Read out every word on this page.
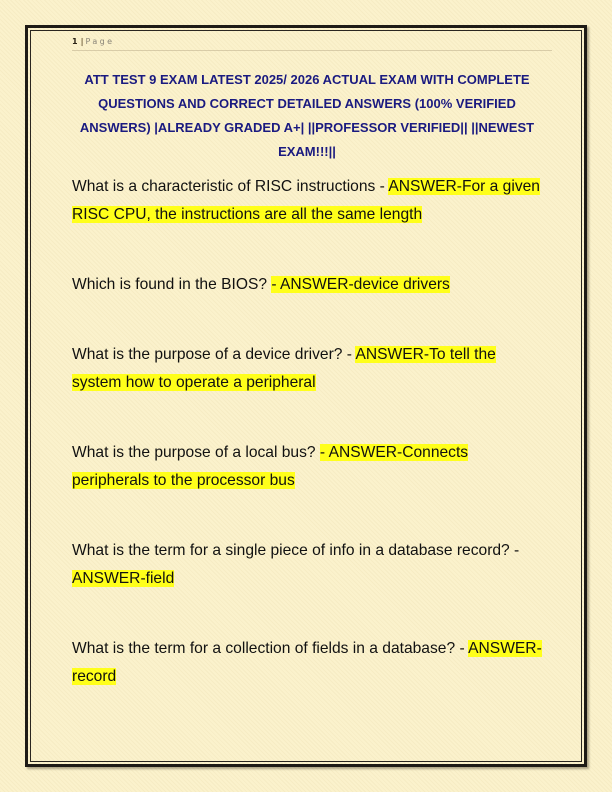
1 | Page
ATT TEST 9 EXAM LATEST 2025/ 2026 ACTUAL EXAM WITH COMPLETE QUESTIONS AND CORRECT DETAILED ANSWERS (100% VERIFIED ANSWERS) |ALREADY GRADED A+| ||PROFESSOR VERIFIED|| ||NEWEST EXAM!!!||

What is a characteristic of RISC instructions - ANSWER-For a given RISC CPU, the instructions are all the same length

Which is found in the BIOS? - ANSWER-device drivers

What is the purpose of a device driver? - ANSWER-To tell the system how to operate a peripheral

What is the purpose of a local bus? - ANSWER-Connects peripherals to the processor bus

What is the term for a single piece of info in a database record? - ANSWER-field

What is the term for a collection of fields in a database? - ANSWER-record
